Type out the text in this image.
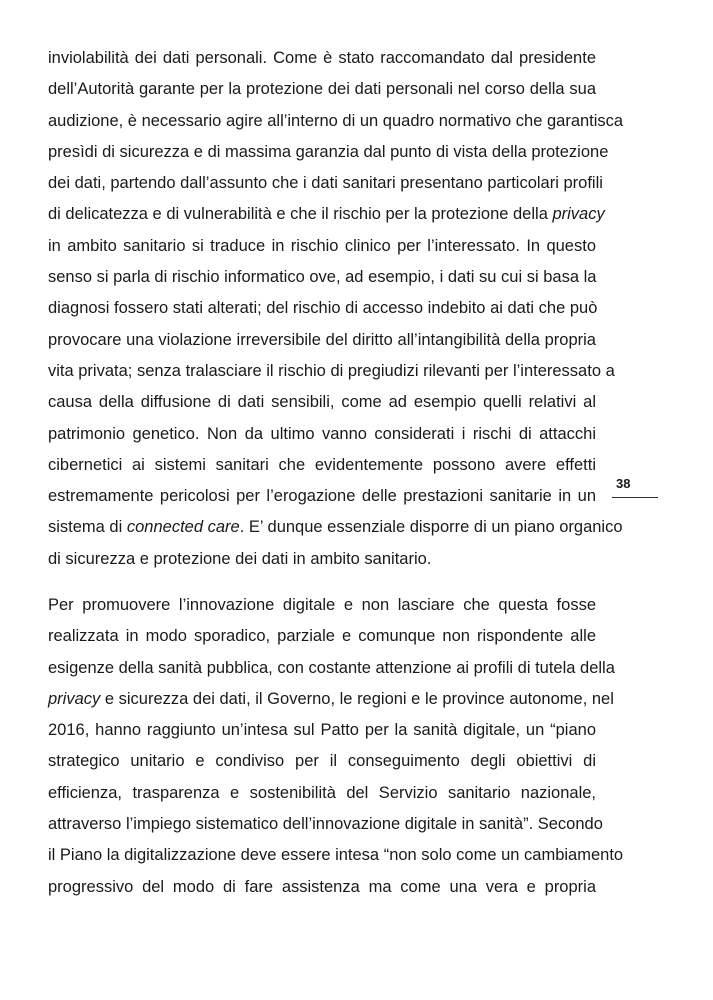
inviolabilità dei dati personali. Come è stato raccomandato dal presidente
dell’Autorità garante per la protezione dei dati personali nel corso della sua
audizione, è necessario agire all’interno di un quadro normativo che garantisca
presìdi di sicurezza e di massima garanzia dal punto di vista della protezione
dei dati, partendo dall’assunto che i dati sanitari presentano particolari profili
di delicatezza e di vulnerabilità e che il rischio per la protezione della privacy
in ambito sanitario si traduce in rischio clinico per l’interessato. In questo
senso si parla di rischio informatico ove, ad esempio, i dati su cui si basa la
diagnosi fossero stati alterati; del rischio di accesso indebito ai dati che può
provocare una violazione irreversibile del diritto all’intangibilità della propria
vita privata; senza tralasciare il rischio di pregiudizi rilevanti per l’interessato a
causa della diffusione di dati sensibili, come ad esempio quelli relativi al
patrimonio genetico. Non da ultimo vanno considerati i rischi di attacchi
cibernetici ai sistemi sanitari che evidentemente possono avere effetti
estremamente pericolosi per l’erogazione delle prestazioni sanitarie in un
sistema di connected care. E’ dunque essenziale disporre di un piano organico
di sicurezza e protezione dei dati in ambito sanitario.
Per promuovere l’innovazione digitale e non lasciare che questa fosse
realizzata in modo sporadico, parziale e comunque non rispondente alle
esigenze della sanità pubblica, con costante attenzione ai profili di tutela della
privacy e sicurezza dei dati, il Governo, le regioni e le province autonome, nel
2016, hanno raggiunto un’intesa sul Patto per la sanità digitale, un “piano
strategico unitario e condiviso per il conseguimento degli obiettivi di
efficienza, trasparenza e sostenibilità del Servizio sanitario nazionale,
attraverso l’impiego sistematico dell’innovazione digitale in sanità”. Secondo
il Piano la digitalizzazione deve essere intesa “non solo come un cambiamento
progressivo del modo di fare assistenza ma come una vera e propria
38
